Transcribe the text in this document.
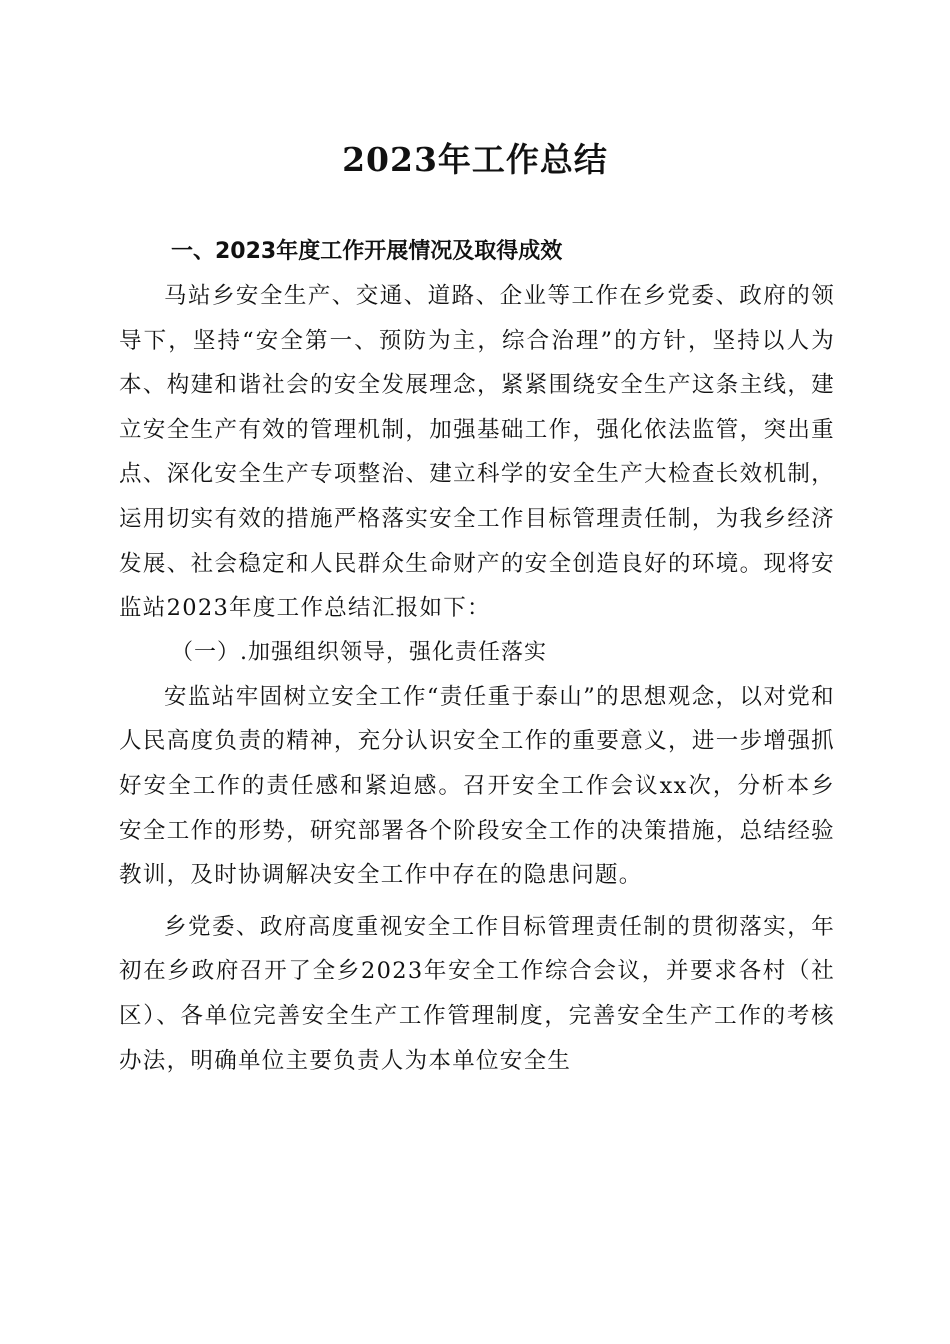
2023年工作总结

一、2023年度工作开展情况及取得成效

马站乡安全生产、交通、道路、企业等工作在乡党委、政府的领导下，坚持“安全第一、预防为主，综合治理”的方针，坚持以人为本、构建和谐社会的安全发展理念，紧紧围绕安全生产这条主线，建立安全生产有效的管理机制，加强基础工作，强化依法监管，突出重点、深化安全生产专项整治、建立科学的安全生产大检查长效机制，运用切实有效的措施严格落实安全工作目标管理责任制，为我乡经济发展、社会稳定和人民群众生命财产的安全创造良好的环境。现将安监站2023年度工作总结汇报如下：

（一）.加强组织领导，强化责任落实

安监站牢固树立安全工作“责任重于泰山”的思想观念，以对党和人民高度负责的精神，充分认识安全工作的重要意义，进一步增强抓好安全工作的责任感和紧迫感。召开安全工作会议xx次，分析本乡安全工作的形势，研究部署各个阶段安全工作的决策措施，总结经验教训，及时协调解决安全工作中存在的隐患问题。

乡党委、政府高度重视安全工作目标管理责任制的贯彻落实，年初在乡政府召开了全乡2023年安全工作综合会议，并要求各村（社区）、各单位完善安全生产工作管理制度，完善安全生产工作的考核办法，明确单位主要负责人为本单位安全生
